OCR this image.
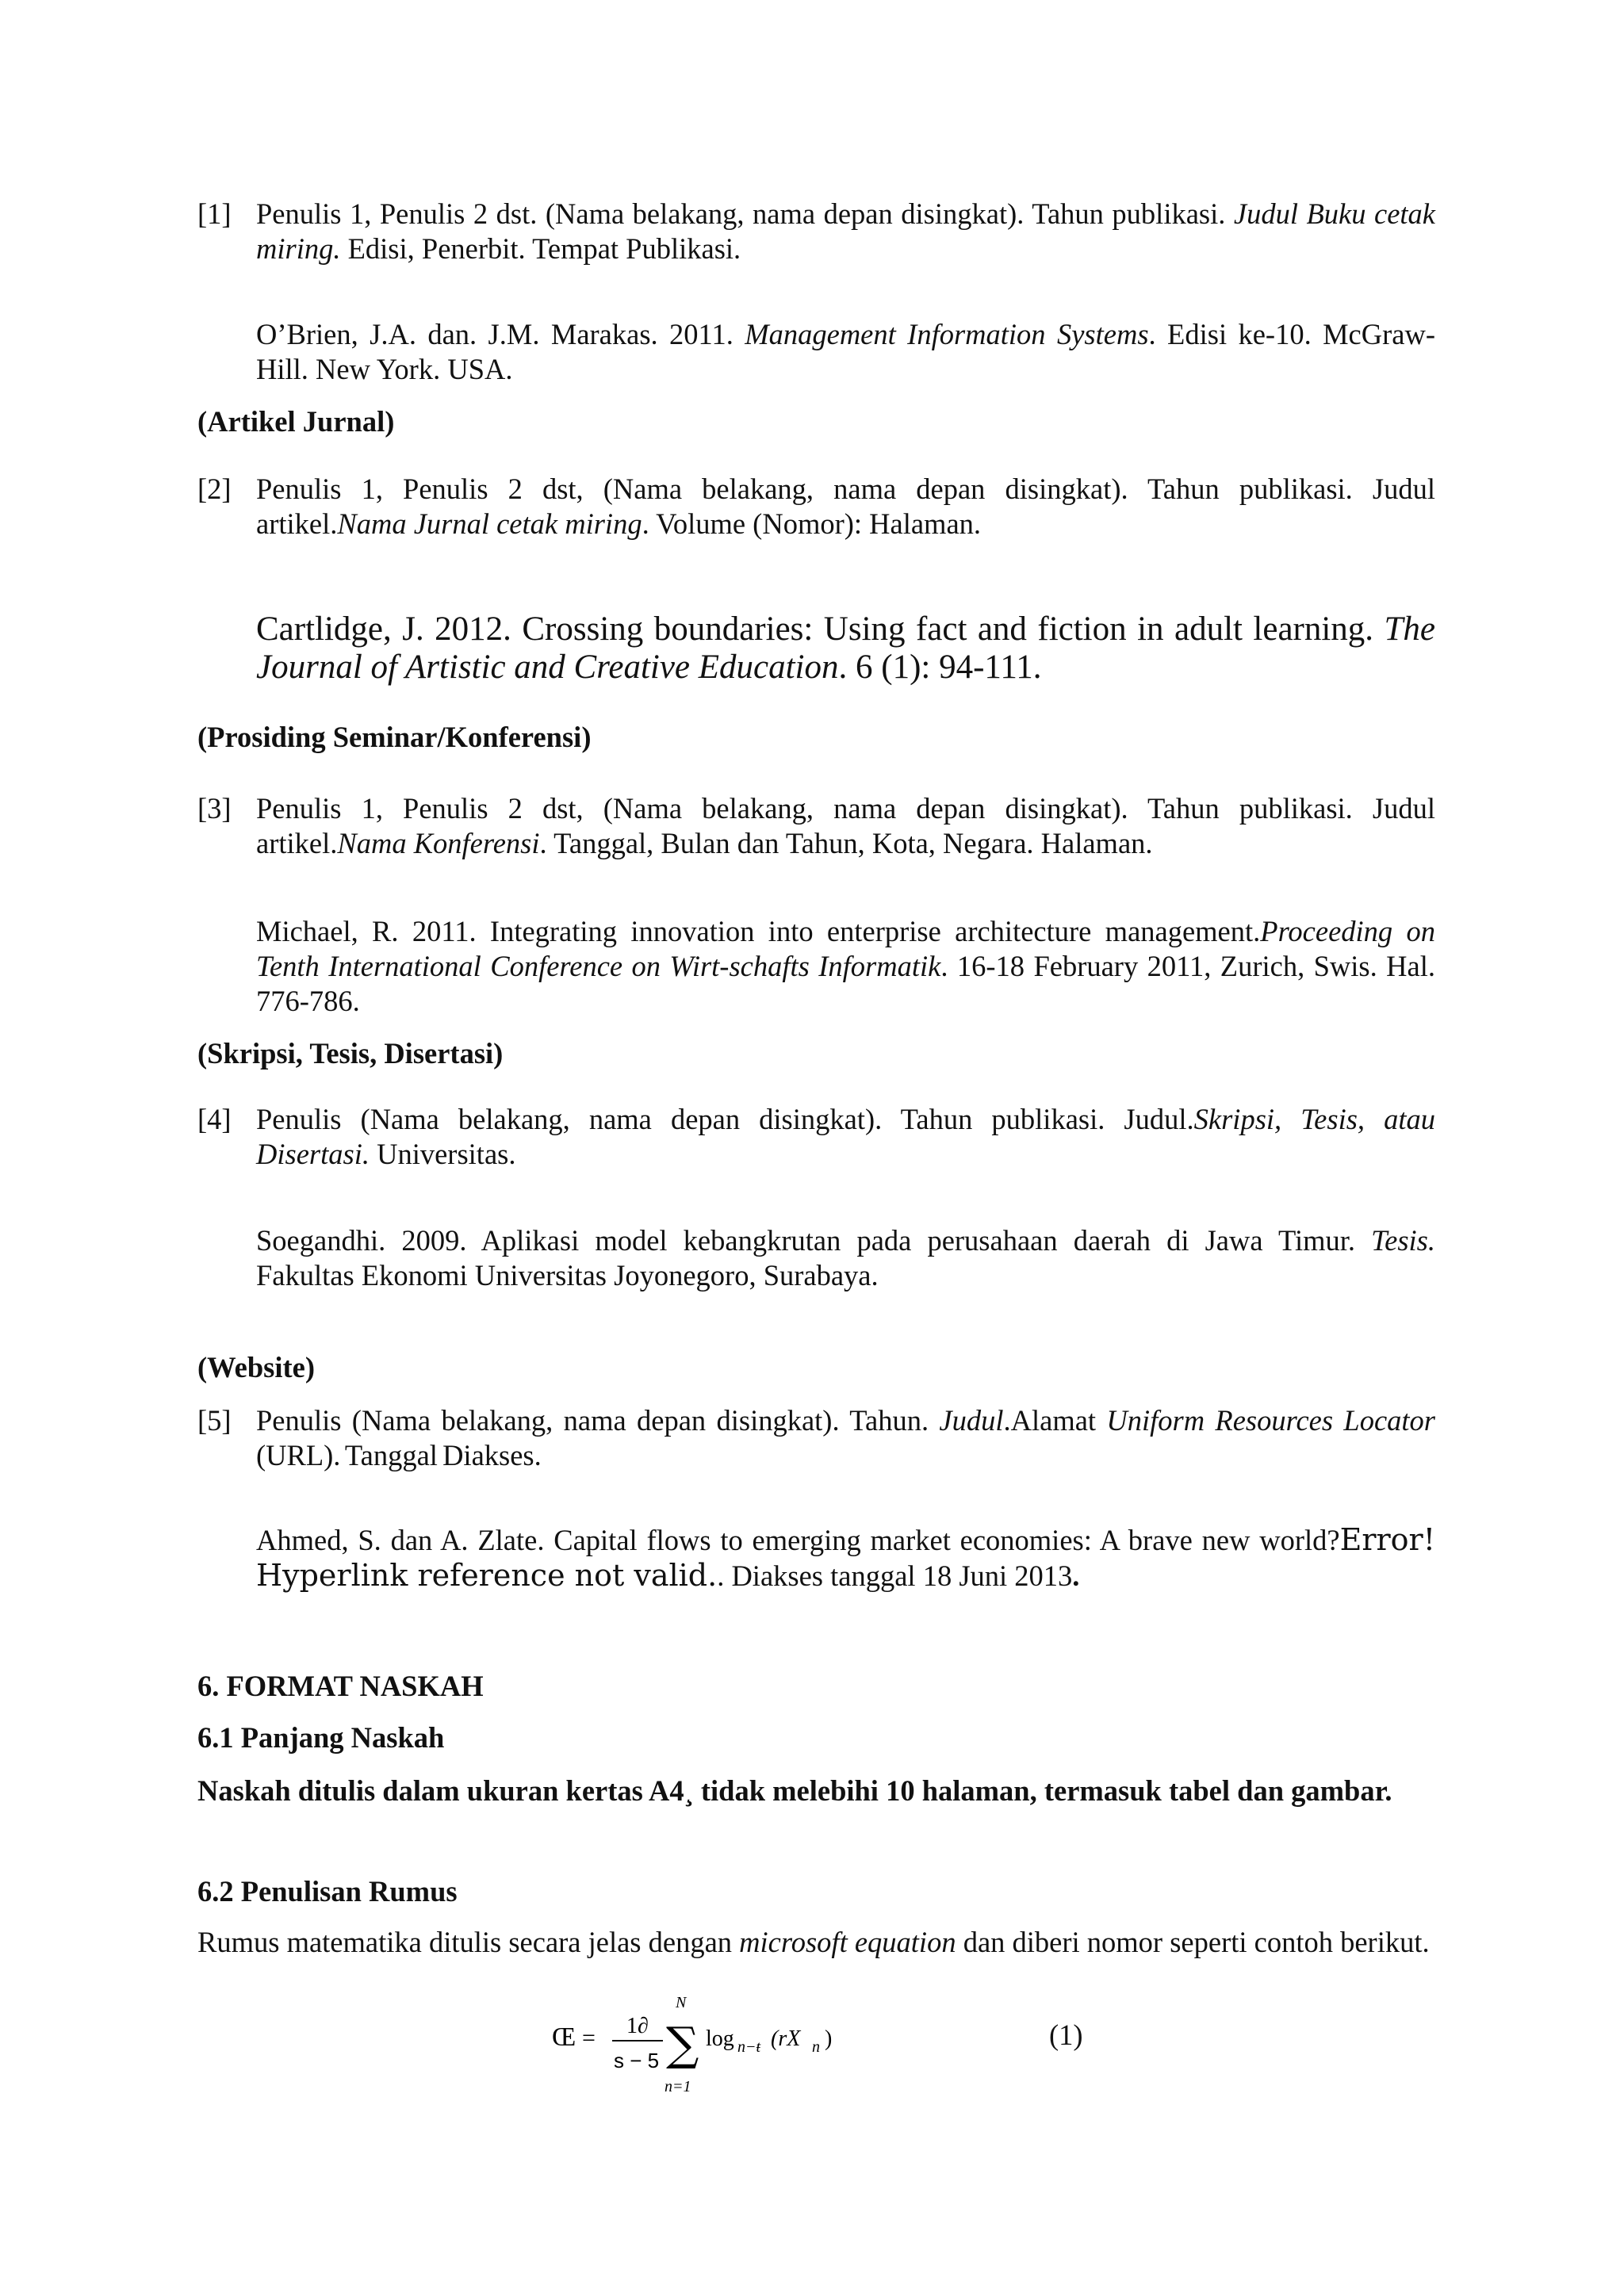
[1] Penulis 1, Penulis 2 dst. (Nama belakang, nama depan disingkat). Tahun publikasi. Judul Buku cetak miring. Edisi, Penerbit. Tempat Publikasi.
O’Brien, J.A. dan. J.M. Marakas. 2011. Management Information Systems. Edisi ke-10. McGraw-Hill. New York. USA.
(Artikel Jurnal)
[2] Penulis 1, Penulis 2 dst, (Nama belakang, nama depan disingkat). Tahun publikasi. Judul artikel.Nama Jurnal cetak miring. Volume (Nomor): Halaman.
Cartlidge, J. 2012. Crossing boundaries: Using fact and fiction in adult learning. The Journal of Artistic and Creative Education. 6 (1): 94-111.
(Prosiding Seminar/Konferensi)
[3] Penulis 1, Penulis 2 dst, (Nama belakang, nama depan disingkat). Tahun publikasi. Judul artikel.Nama Konferensi. Tanggal, Bulan dan Tahun, Kota, Negara. Halaman.
Michael, R. 2011. Integrating innovation into enterprise architecture management.Proceeding on Tenth International Conference on Wirt-schafts Informatik. 16-18 February 2011, Zurich, Swis. Hal. 776-786.
(Skripsi, Tesis, Disertasi)
[4] Penulis (Nama belakang, nama depan disingkat). Tahun publikasi. Judul.Skripsi, Tesis, atau Disertasi. Universitas.
Soegandhi. 2009. Aplikasi model kebangkrutan pada perusahaan daerah di Jawa Timur. Tesis. Fakultas Ekonomi Universitas Joyonegoro, Surabaya.
(Website)
[5] Penulis (Nama belakang, nama depan disingkat). Tahun. Judul.Alamat Uniform Resources Locator (URL). Tanggal Diakses.
Ahmed, S. dan A. Zlate. Capital flows to emerging market economies: A brave new world?Error! Hyperlink reference not valid.. Diakses tanggal 18 Juni 2013.
6. FORMAT NASKAH
6.1 Panjang Naskah
Naskah ditulis dalam ukuran kertas A4¸ tidak melebihi 10 halaman, termasuk tabel dan gambar.
6.2 Penulisan Rumus
Rumus matematika ditulis secara jelas dengan microsoft equation dan diberi nomor seperti contoh berikut.
Œ = 1∂
s − 5 ∑
N
n=1
log n−ŧ (rX n )	(1)
